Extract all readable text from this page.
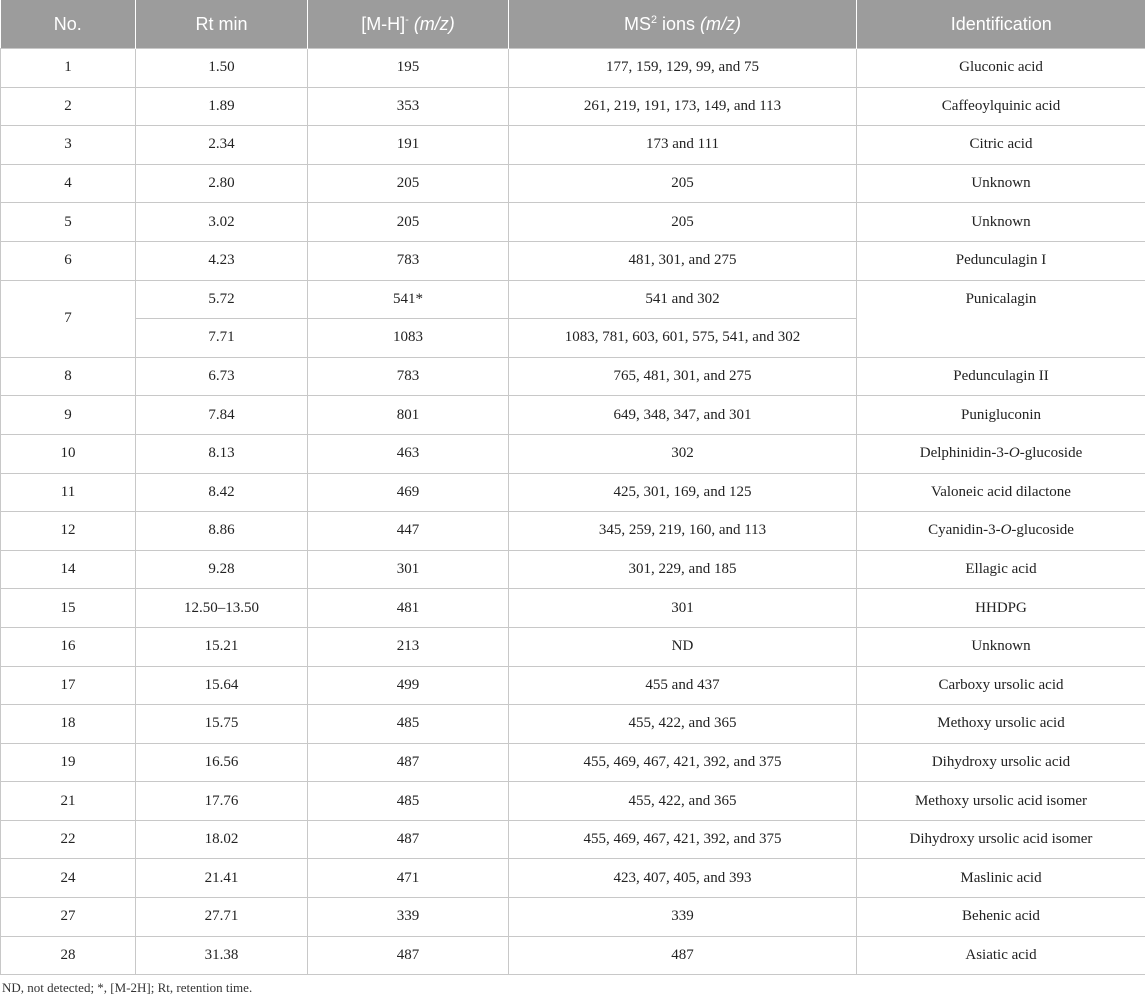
No.	Rt min	[M-H]- (m/z)	$MS^2$ ions (m/z)	Identification
1	1.50	195	177, 159, 129, 99, and 75	Gluconic acid
2	1.89	353	261, 219, 191, 173, 149, and 113	Caffeoylquinic acid
3	2.34	191	173 and 111	Citric acid
4	2.80	205	205	Unknown
5	3.02	205	205	Unknown
6	4.23	783	481, 301, and 275	Pedunculagin I
7	5.72	541*	541 and 302	Punicalagin
	7.71	1083	1083, 781, 603, 601, 575, 541, and 302	
8	6.73	783	765, 481, 301, and 275	Pedunculagin II
9	7.84	801	649, 348, 347, and 301	Punigluconin
10	8.13	463	302	Delphinidin-3-O-glucoside
11	8.42	469	425, 301, 169, and 125	Valoneic acid dilactone
12	8.86	447	345, 259, 219, 160, and 113	Cyanidin-3-O-glucoside
14	9.28	301	301, 229, and 185	Ellagic acid
15	12.50–13.50	481	301	HHDPG
16	15.21	213	ND	Unknown
17	15.64	499	455 and 437	Carboxy ursolic acid
18	15.75	485	455, 422, and 365	Methoxy ursolic acid
19	16.56	487	455, 469, 467, 421, 392, and 375	Dihydroxy ursolic acid
21	17.76	485	455, 422, and 365	Methoxy ursolic acid isomer
22	18.02	487	455, 469, 467, 421, 392, and 375	Dihydroxy ursolic acid isomer
24	21.41	471	423, 407, 405, and 393	Maslinic acid
27	27.71	339	339	Behenic acid
28	31.38	487	487	Asiatic acid
ND, not detected; *, [M-2H]; Rt, retention time.
